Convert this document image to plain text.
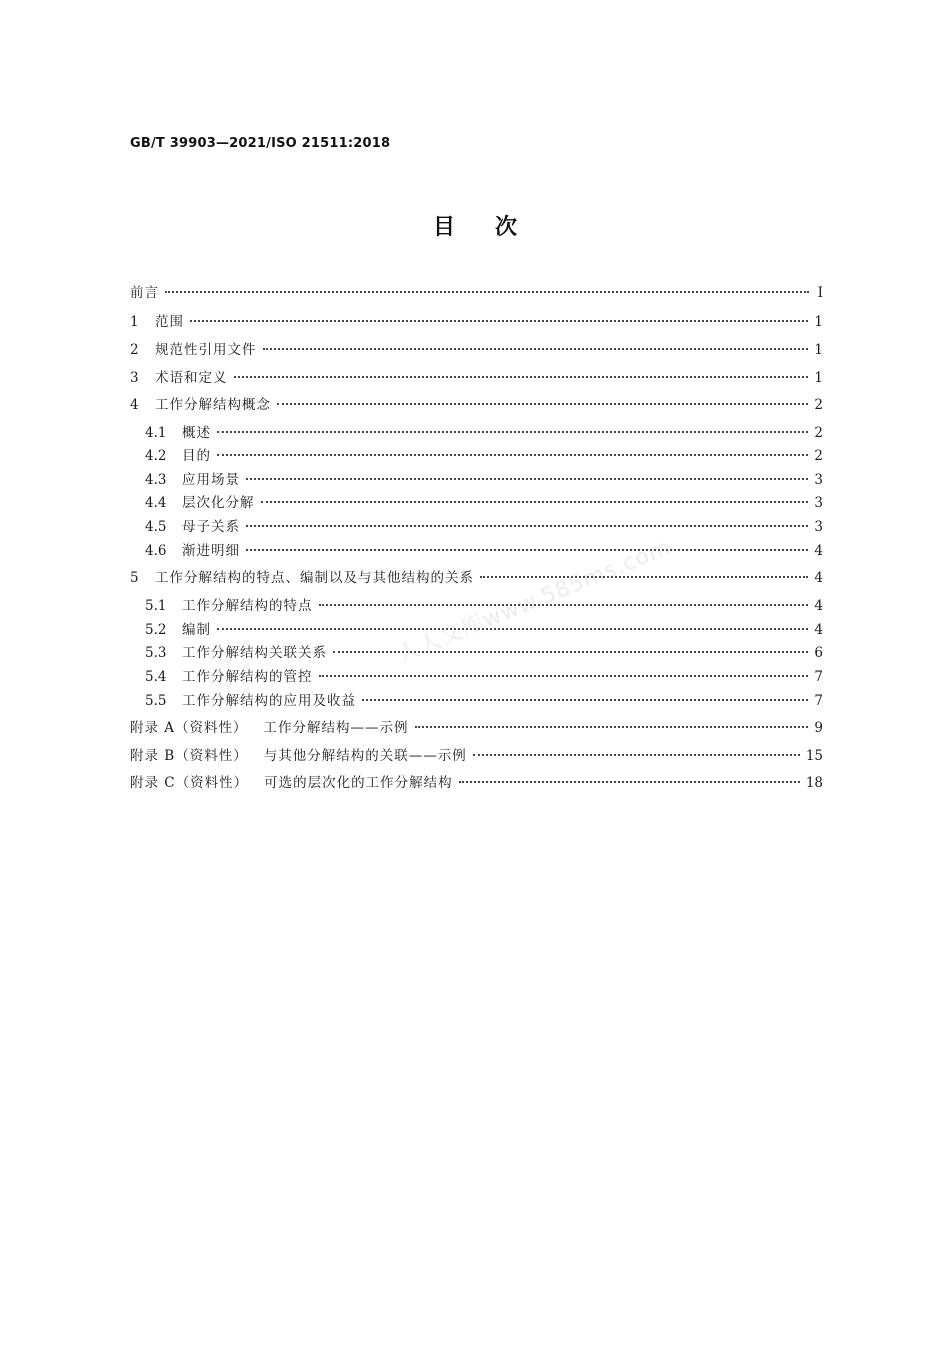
GB/T 39903—2021/ISO 21511:2018
目次
前言	I
1	范围	1
2	规范性引用文件	1
3	术语和定义	1
4	工作分解结构概念	2
4.1	概述	2
4.2	目的	2
4.3	应用场景	3
4.4	层次化分解	3
4.5	母子关系	3
4.6	渐进明细	4
5	工作分解结构的特点、编制以及与其他结构的关系	4
5.1	工作分解结构的特点	4
5.2	编制	4
5.3	工作分解结构关联关系	6
5.4	工作分解结构的管控	7
5.5	工作分解结构的应用及收益	7
附录 A（资料性） 工作分解结构——示例	9
附录 B（资料性） 与其他分解结构的关联——示例	15
附录 C（资料性） 可选的层次化的工作分解结构	18
人人文库www.585ms.com
